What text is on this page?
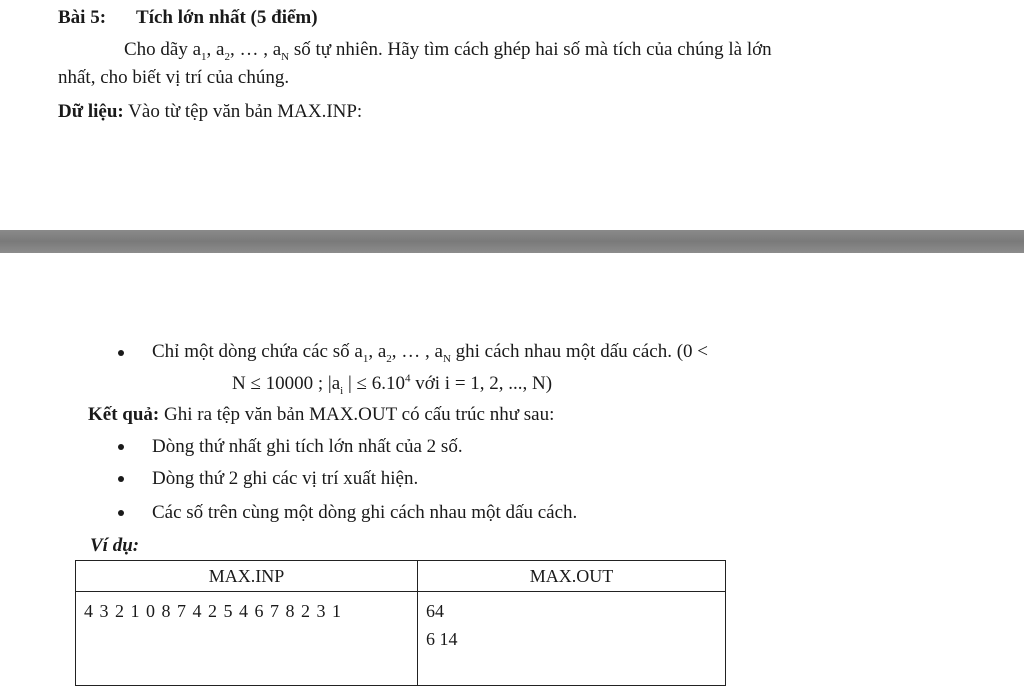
Bài 5: Tích lớn nhất (5 điểm)
Cho dãy $a_1$, $a_2$, … , $a_N$ số tự nhiên. Hãy tìm cách ghép hai số mà tích của chúng là lớn
nhất, cho biết vị trí của chúng.
Dữ liệu: Vào từ tệp văn bản MAX.INP:
Chỉ một dòng chứa các số $a_1$, $a_2$, … , $a_N$ ghi cách nhau một dấu cách. (0 <
N ≤ 10000 ; $|a_i$ | ≤ $6.10^4$ với i = 1, 2, ..., N)
Kết quả: Ghi ra tệp văn bản MAX.OUT có cấu trúc như sau:
Dòng thứ nhất ghi tích lớn nhất của 2 số.
Dòng thứ 2 ghi các vị trí xuất hiện.
Các số trên cùng một dòng ghi cách nhau một dấu cách.
Ví dụ:
MAX.INP	MAX.OUT
4 3 2 1 0 8 7 4 2 5 4 6 7 8 2 3 1	64
6 14
